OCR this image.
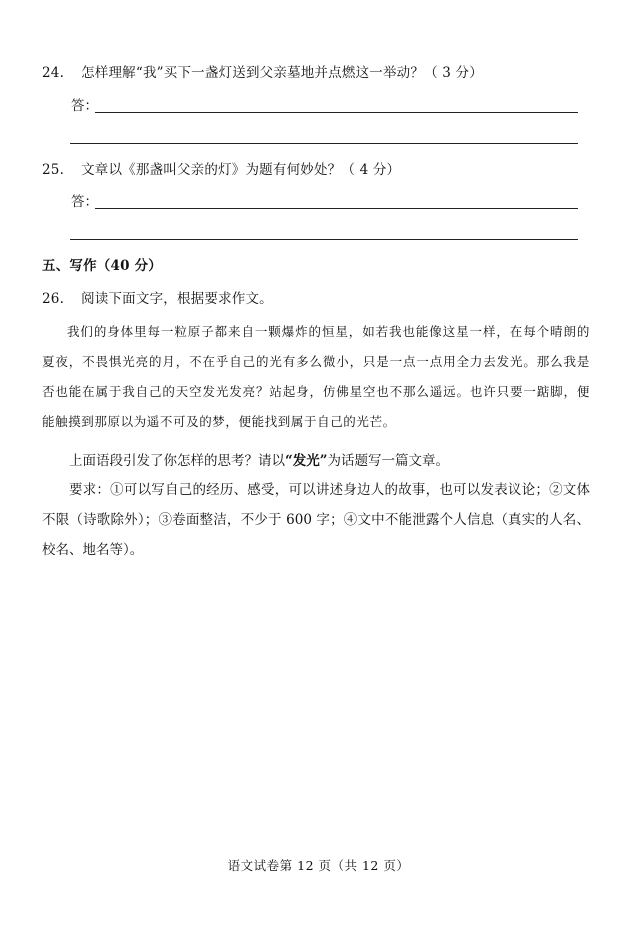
24. 怎样理解“我”买下一盏灯送到父亲墓地并点燃这一举动？（ 3 分）
答：
25. 文章以《那盏叫父亲的灯》为题有何妙处？（ 4 分）
答：
五、写作（40 分）
26. 阅读下面文字，根据要求作文。
我们的身体里每一粒原子都来自一颗爆炸的恒星，如若我也能像这星一样，在每个晴朗的夏夜，不畏惧光亮的月，不在乎自己的光有多么微小，只是一点一点用全力去发光。那么我是否也能在属于我自己的天空发光发亮？站起身，仿佛星空也不那么遥远。也许只要一踮脚，便能触摸到那原以为遥不可及的梦，便能找到属于自己的光芒。
上面语段引发了你怎样的思考？请以“发光”为话题写一篇文章。
要求：①可以写自己的经历、感受，可以讲述身边人的故事，也可以发表议论；②文体不限（诗歌除外）；③卷面整洁，不少于 600 字；④文中不能泄露个人信息（真实的人名、校名、地名等）。
语文试卷第 12 页（共 12 页）
